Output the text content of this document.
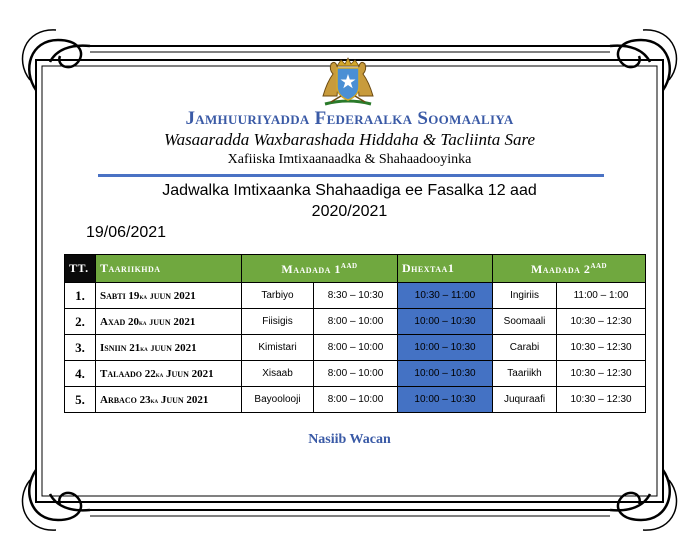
Jamhuuriyadda Federaalka Soomaaliya
Wasaaradda Waxbarashada Hiddaha & Tacliinta Sare
Xafiiska Imtixaanaadka & Shahaadooyinka
Jadwalka Imtixaanka Shahaadiga ee Fasalka 12 aad
2020/2021
19/06/2021
TT.	Taariikhda	Maadada $1^{aad}$		Dhextaa1	Maadada $2^{aad}$
1.	Sabti 19ka juun 2021	Tarbiyo	8:30 – 10:30	10:30 – 11:00	Ingiriis	11:00 – 1:00
2.	Axad 20ka juun 2021	Fiisigis	8:00 – 10:00	10:00 – 10:30	Soomaali	10:30 – 12:30
3.	Isniin 21ka juun 2021	Kimistari	8:00 – 10:00	10:00 – 10:30	Carabi	10:30 – 12:30
4.	Talaado 22ka Juun 2021	Xisaab	8:00 – 10:00	10:00 – 10:30	Taariikh	10:30 – 12:30
5.	Arbaco 23ka Juun 2021	Bayoolooji	8:00 – 10:00	10:00 – 10:30	Juquraafi	10:30 – 12:30
Nasiib Wacan
